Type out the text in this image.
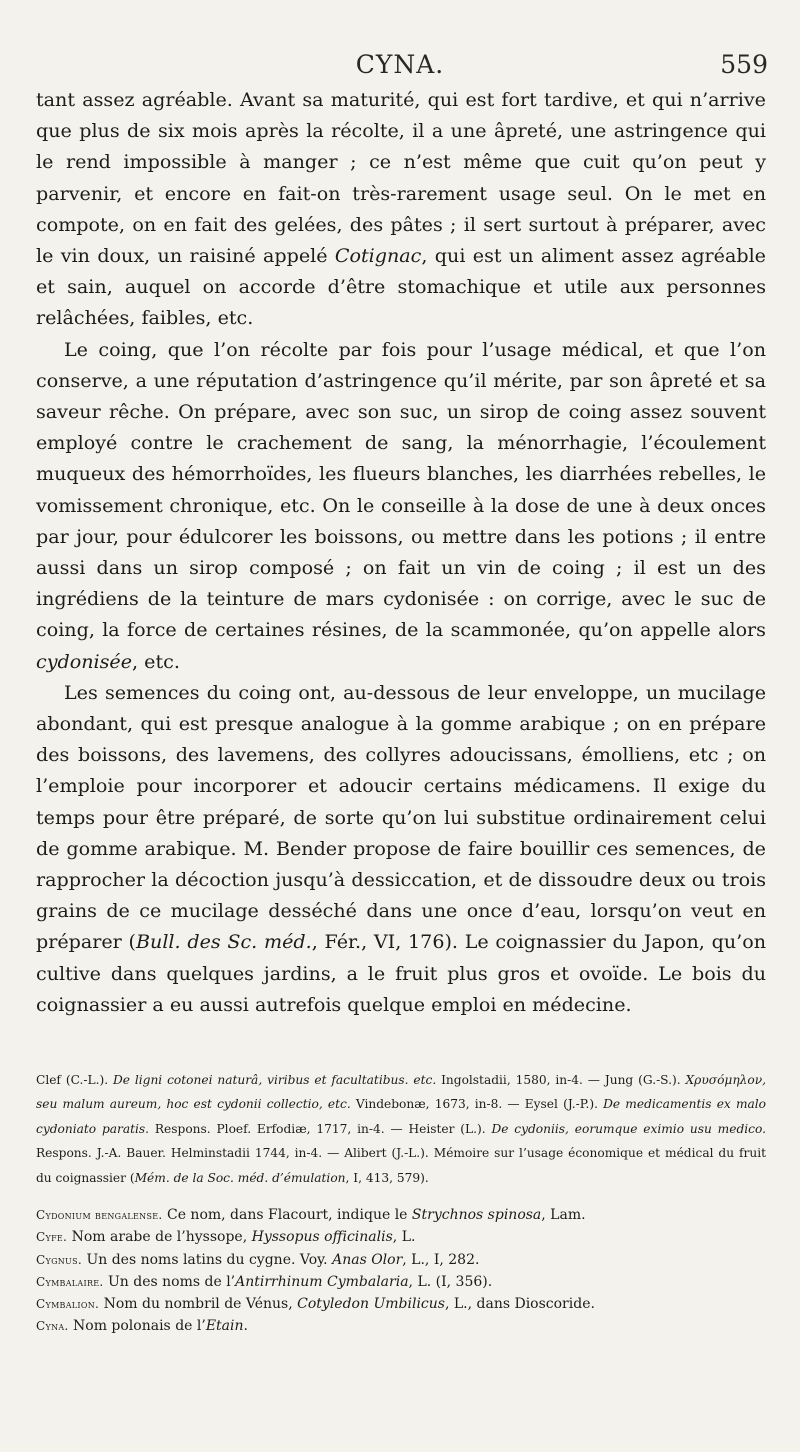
CYNA.	559

tant assez agréable. Avant sa maturité, qui est fort tardive, et qui n’arrive que plus de six mois après la récolte, il a une âpreté, une astringence qui le rend impossible à manger ; ce n’est même que cuit qu’on peut y parvenir, et encore en fait-on très-rarement usage seul. On le met en compote, on en fait des gelées, des pâtes ; il sert surtout à préparer, avec le vin doux, un raisiné appelé Cotignac, qui est un aliment assez agréable et sain, auquel on accorde d’être stomachique et utile aux personnes relâchées, faibles, etc.

Le coing, que l’on récolte par fois pour l’usage médical, et que l’on conserve, a une réputation d’astringence qu’il mérite, par son âpreté et sa saveur rêche. On prépare, avec son suc, un sirop de coing assez souvent employé contre le crachement de sang, la ménorrhagie, l’écoulement muqueux des hémorrhoïdes, les flueurs blanches, les diarrhées rebelles, le vomissement chronique, etc. On le conseille à la dose de une à deux onces par jour, pour édulcorer les boissons, ou mettre dans les potions ; il entre aussi dans un sirop composé ; on fait un vin de coing ; il est un des ingrédiens de la teinture de mars cydonisée : on corrige, avec le suc de coing, la force de certaines résines, de la scammonée, qu’on appelle alors cydonisée, etc.

Les semences du coing ont, au-dessous de leur enveloppe, un mucilage abondant, qui est presque analogue à la gomme arabique ; on en prépare des boissons, des lavemens, des collyres adoucissans, émolliens, etc ; on l’emploie pour incorporer et adoucir certains médicamens. Il exige du temps pour être préparé, de sorte qu’on lui substitue ordinairement celui de gomme arabique. M. Bender propose de faire bouillir ces semences, de rapprocher la décoction jusqu’à dessiccation, et de dissoudre deux ou trois grains de ce mucilage desséché dans une once d’eau, lorsqu’on veut en préparer (Bull. des Sc. méd., Fér., VI, 176). Le coignassier du Japon, qu’on cultive dans quelques jardins, a le fruit plus gros et ovoïde. Le bois du coignassier a eu aussi autrefois quelque emploi en médecine.

Clef (C.-L.). De ligni cotonei naturâ, viribus et facultatibus. etc. Ingolstadii, 1580, in-4. — Jung (G.-S.). Χρυσόμηλον, seu malum aureum, hoc est cydonii collectio, etc. Vindebonæ, 1673, in-8. — Eysel (J.-P.). De medicamentis ex malo cydoniato paratis. Respons. Ploef. Erfodiæ, 1717, in-4. — Heister (L.). De cydoniis, eorumque eximio usu medico. Respons. J.-A. Bauer. Helminstadii 1744, in-4. — Alibert (J.-L.). Mémoire sur l’usage économique et médical du fruit du coignassier (Mém. de la Soc. méd. d’émulation, I, 413, 579).

Cydonium bengalense. Ce nom, dans Flacourt, indique le Strychnos spinosa, Lam.

Cyfe. Nom arabe de l’hyssope, Hyssopus officinalis, L.

Cygnus. Un des noms latins du cygne. Voy. Anas Olor, L., I, 282.

Cymbalaire. Un des noms de l’Antirrhinum Cymbalaria, L. (I, 356).

Cymbalion. Nom du nombril de Vénus, Cotyledon Umbilicus, L., dans Dioscoride.

Cyna. Nom polonais de l’Etain.
